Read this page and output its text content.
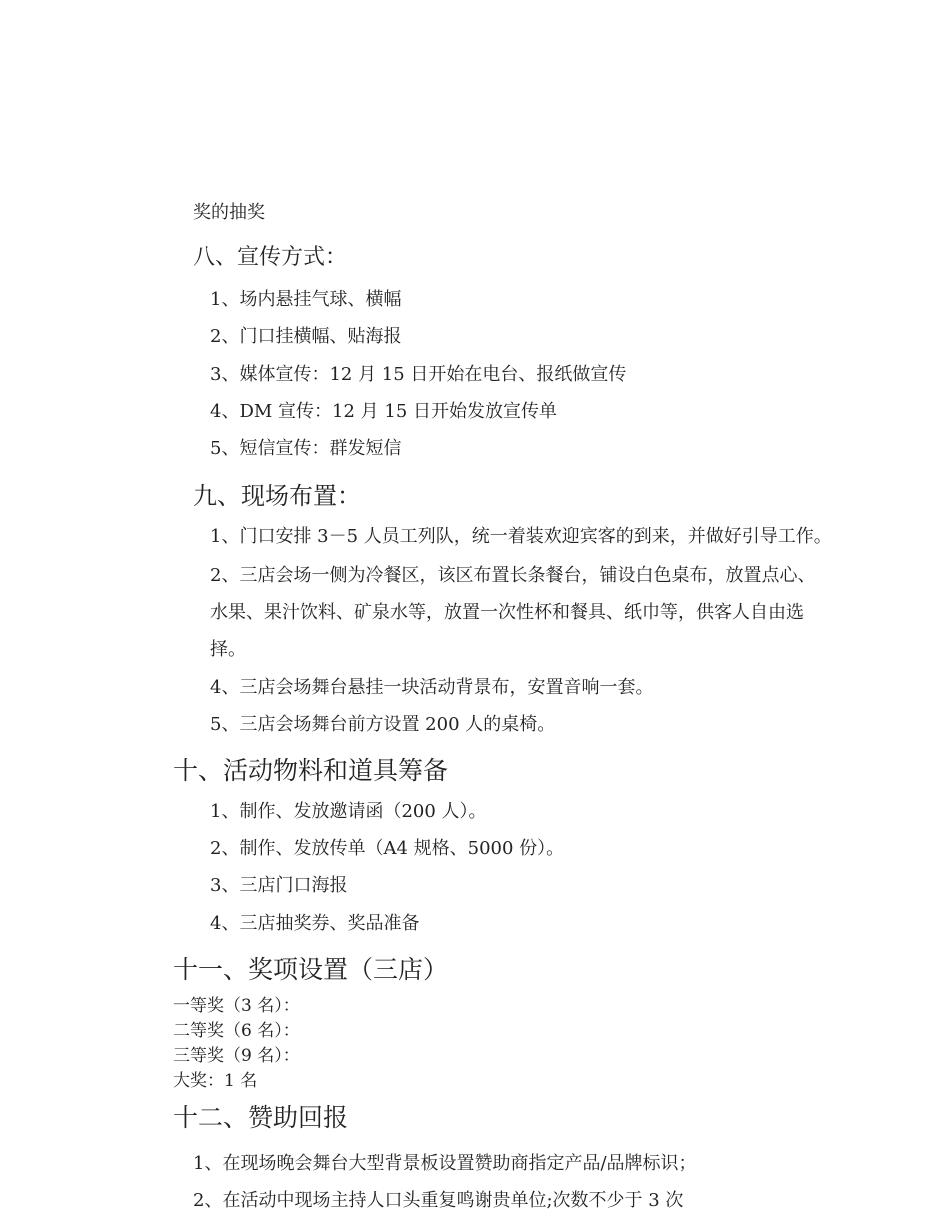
奖的抽奖
八、宣传方式：
1、场内悬挂气球、横幅
2、门口挂横幅、贴海报
3、媒体宣传：12 月 15 日开始在电台、报纸做宣传
4、DM 宣传：12 月 15 日开始发放宣传单
5、短信宣传：群发短信
九、现场布置：
1、门口安排 3－5 人员工列队，统一着装欢迎宾客的到来，并做好引导工作。
2、三店会场一侧为冷餐区，该区布置长条餐台，铺设白色桌布，放置点心、
水果、果汁饮料、矿泉水等，放置一次性杯和餐具、纸巾等，供客人自由选
择。
4、三店会场舞台悬挂一块活动背景布，安置音响一套。
5、三店会场舞台前方设置 200 人的桌椅。
十、活动物料和道具筹备
1、制作、发放邀请函（200 人）。
2、制作、发放传单（A4 规格、5000 份）。
3、三店门口海报
4、三店抽奖券、奖品准备
十一、奖项设置（三店）
一等奖（3 名）：
二等奖（6 名）：
三等奖（9 名）：
大奖：1 名
十二、赞助回报
1、在现场晚会舞台大型背景板设置赞助商指定产品/品牌标识；
2、在活动中现场主持人口头重复鸣谢贵单位;次数不少于 3 次
